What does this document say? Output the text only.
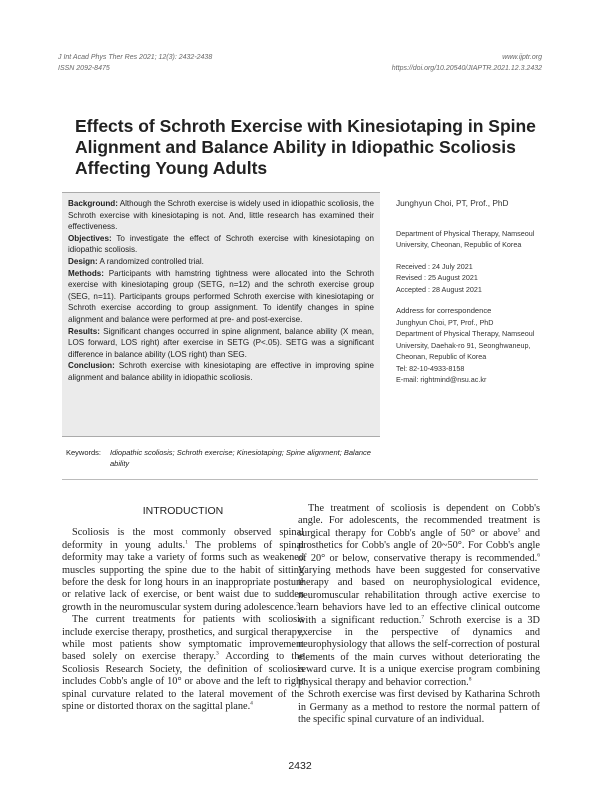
J Int Acad Phys Ther Res 2021; 12(3): 2432-2438
ISSN 2092-8475
www.ijptr.org
https://doi.org/10.20540/JIAPTR.2021.12.3.2432
Effects of Schroth Exercise with Kinesiotaping in Spine Alignment and Balance Ability in Idiopathic Scoliosis Affecting Young Adults

Background: Although the Schroth exercise is widely used in idiopathic scoliosis, the Schroth exercise with kinesiotaping is not. And, little research has examined their effectiveness.

Objectives: To investigate the effect of Schroth exercise with kinesiotaping on idiopathic scoliosis.

Design: A randomized controlled trial.

Methods: Participants with hamstring tightness were allocated into the Schroth exercise with kinesiotaping group (SETG, n=12) and the schroth exercise group (SEG, n=11). Participants groups performed Schroth exercise with kinesiotaping or Schroth exercise according to group assignment. To identify changes in spine alignment and balance were performed at pre- and post-exercise.

Results: Significant changes occurred in spine alignment, balance ability (X mean, LOS forward, LOS right) after exercise in SETG (P<.05). SETG was a significant difference in balance ability (LOS right) than SEG.

Conclusion: Schroth exercise with kinesiotaping are effective in improving spine alignment and balance ability in idiopathic scoliosis.

Junghyun Choi, PT, Prof., PhD
Department of Physical Therapy, Namseoul University, Cheonan, Republic of Korea
Received : 24 July 2021
Revised : 25 August 2021
Accepted : 28 August 2021
Address for correspondence
Junghyun Choi, PT, Prof., PhD
Department of Physical Therapy, Namseoul University, Daehak-ro 91, Seonghwaneup, Cheonan, Republic of Korea
Tel: 82-10-4933-8158
E-mail: rightmind@nsu.ac.kr
Keywords: Idiopathic scoliosis; Schroth exercise; Kinesiotaping; Spine alignment; Balance ability
INTRODUCTION

Scoliosis is the most commonly observed spinal deformity in young adults.$^1$ The problems of spinal deformity may take a variety of forms such as weakened muscles supporting the spine due to the habit of sitting before the desk for long hours in an inappropriate posture or relative lack of exercise, or bent waist due to sudden growth in the neuromuscular system during adolescence.$^2$

The current treatments for patients with scoliosis include exercise therapy, prosthetics, and surgical therapy, while most patients show symptomatic improvement based solely on exercise therapy.$^3$ According to the Scoliosis Research Society, the definition of scoliosis includes Cobb's angle of 10° or above and the left to right spinal curvature related to the lateral movement of the spine or distorted thorax on the sagittal plane.$^4$

The treatment of scoliosis is dependent on Cobb's angle. For adolescents, the recommended treatment is surgical therapy for Cobb's angle of 50° or above$^5$ and prosthetics for Cobb's angle of 20~50°. For Cobb's angle of 20° or below, conservative therapy is recommended.$^6$ Varying methods have been suggested for conservative therapy and based on neurophysiological evidence, neuromuscular rehabilitation through active exercise to learn behaviors have led to an effective clinical outcome with a significant reduction.$^7$ Schroth exercise is a 3D exercise in the perspective of dynamics and neurophysiology that allows the self-correction of postural elements of the main curves without deteriorating the reward curve. It is a unique exercise program combining physical therapy and behavior correction.$^8$

Schroth exercise was first devised by Katharina Schroth in Germany as a method to restore the normal pattern of the specific spinal curvature of an individual.

2432
